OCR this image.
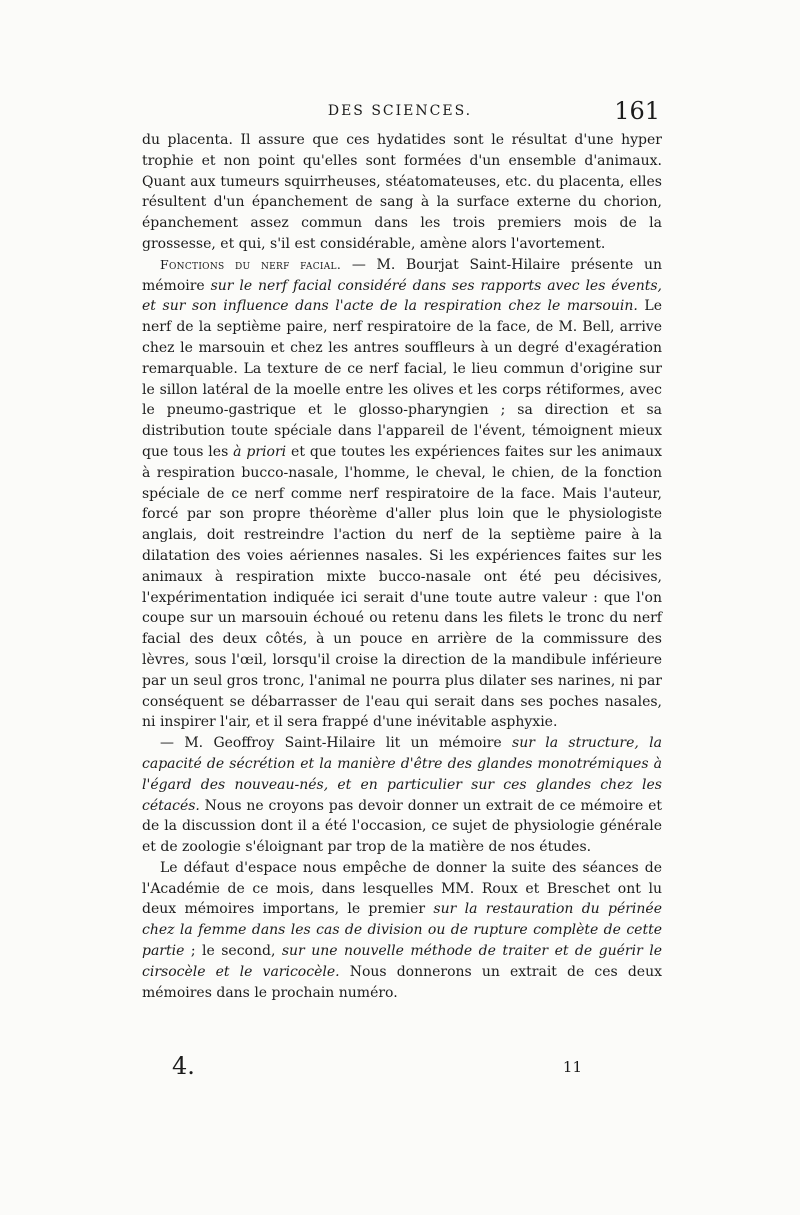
DES SCIENCES.	161

du placenta. Il assure que ces hydatides sont le résultat d'une hyper trophie et non point qu'elles sont formées d'un ensemble d'animaux. Quant aux tumeurs squirrheuses, stéatomateuses, etc. du placenta, elles résultent d'un épanchement de sang à la surface externe du chorion, épanchement assez commun dans les trois premiers mois de la grossesse, et qui, s'il est considérable, amène alors l'avortement.

Fonctions du nerf facial. — M. Bourjat Saint-Hilaire présente un mémoire sur le nerf facial considéré dans ses rapports avec les évents, et sur son influence dans l'acte de la respiration chez le marsouin. Le nerf de la septième paire, nerf respiratoire de la face, de M. Bell, arrive chez le marsouin et chez les antres souffleurs à un degré d'exagération remarquable. La texture de ce nerf facial, le lieu commun d'origine sur le sillon latéral de la moelle entre les olives et les corps rétiformes, avec le pneumo-gastrique et le glosso-pharyngien ; sa direction et sa distribution toute spéciale dans l'appareil de l'évent, témoignent mieux que tous les à priori et que toutes les expériences faites sur les animaux à respiration bucco-nasale, l'homme, le cheval, le chien, de la fonction spéciale de ce nerf comme nerf respiratoire de la face. Mais l'auteur, forcé par son propre théorème d'aller plus loin que le physiologiste anglais, doit restreindre l'action du nerf de la septième paire à la dilatation des voies aériennes nasales. Si les expériences faites sur les animaux à respiration mixte bucco-nasale ont été peu décisives, l'expérimentation indiquée ici serait d'une toute autre valeur : que l'on coupe sur un marsouin échoué ou retenu dans les filets le tronc du nerf facial des deux côtés, à un pouce en arrière de la commissure des lèvres, sous l'œil, lorsqu'il croise la direction de la mandibule inférieure par un seul gros tronc, l'animal ne pourra plus dilater ses narines, ni par conséquent se débarrasser de l'eau qui serait dans ses poches nasales, ni inspirer l'air, et il sera frappé d'une inévitable asphyxie.

— M. Geoffroy Saint-Hilaire lit un mémoire sur la structure, la capacité de sécrétion et la manière d'être des glandes monotrémiques à l'égard des nouveau-nés, et en particulier sur ces glandes chez les cétacés. Nous ne croyons pas devoir donner un extrait de ce mémoire et de la discussion dont il a été l'occasion, ce sujet de physiologie générale et de zoologie s'éloignant par trop de la matière de nos études.

Le défaut d'espace nous empêche de donner la suite des séances de l'Académie de ce mois, dans lesquelles MM. Roux et Breschet ont lu deux mémoires importans, le premier sur la restauration du périnée chez la femme dans les cas de division ou de rupture complète de cette partie ; le second, sur une nouvelle méthode de traiter et de guérir le cirsocèle et le varicocèle. Nous donnerons un extrait de ces deux mémoires dans le prochain numéro.

4.	11
